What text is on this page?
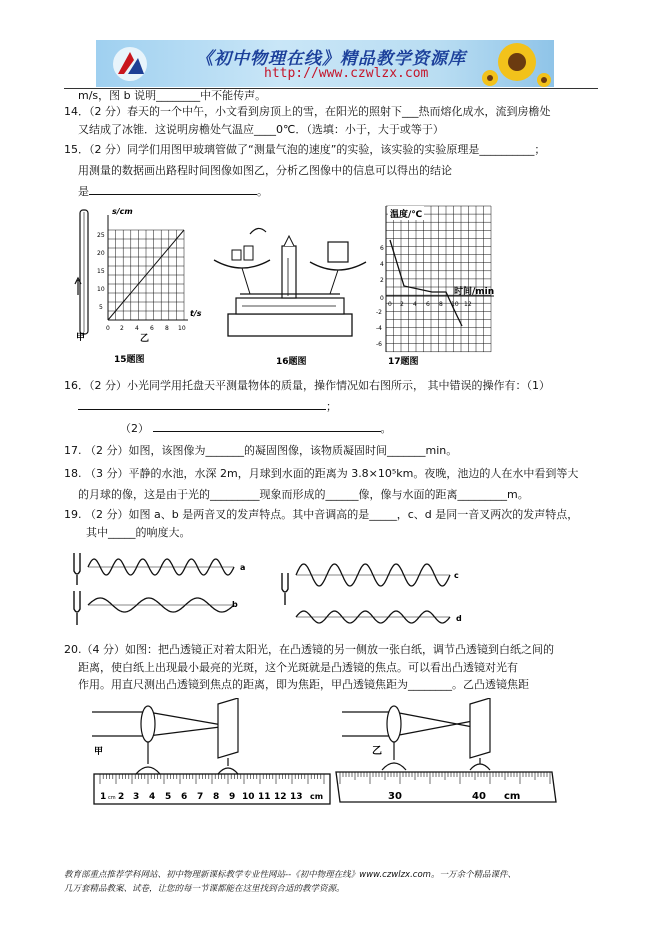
《初中物理在线》精品教学资源库
http://www.czwlzx.com
m/s，图 b 说明________中不能传声。
14．（2 分）春天的一个中午，小文看到房顶上的雪，在阳光的照射下___热而熔化成水，流到房檐处
又结成了冰锥．这说明房檐处气温应____0℃．（选填：小于，大于或等于）
15．（2 分）同学们用图甲玻璃管做了“测量气泡的速度”的实验，该实验的实验原理是__________；
用测量的数据画出路程时间图像如图乙，分析乙图像中的信息可以得出的结论
是	。
甲
s/cm
t/s
25
20
15
10
5
0 2 4 6 8 10
乙
15题图	16题图
温度/℃
时间/min
6
4
2
0
-2
-4
-6
0 2 4 6 8 10 12
17题图
16．（2 分）小光同学用托盘天平测量物体的质量，操作情况如右图所示， 其中错误的操作有：（1）
；
（2）	。
17. （2 分）如图，该图像为_______的凝固图像，该物质凝固时间_______min。
18. （3 分）平静的水池，水深 2m，月球到水面的距离为 3.8×10⁵km。夜晚，池边的人在水中看到等大
的月球的像，这是由于光的_________现象而形成的______像，像与水面的距离_________m。
19. （2 分）如图 a、b 是两音叉的发声特点。其中音调高的是_____，c、d 是同一音叉两次的发声特点，
其中_____的响度大。
a
b
c
d
20.（4 分）如图：把凸透镜正对着太阳光，在凸透镜的另一侧放一张白纸，调节凸透镜到白纸之间的
距离，使白纸上出现最小最亮的光斑，这个光斑就是凸透镜的焦点。可以看出凸透镜对光有
作用。用直尺测出凸透镜到焦点的距离，即为焦距，甲凸透镜焦距为________。乙凸透镜焦距
甲
1 cm 2 3 4 5 6 7 8 9 10 11 12 13 cm
乙
30	40 cm
教育部重点推荐学科网站、初中物理新课标教学专业性网站--《初中物理在线》www.czwlzx.com。一万余个精品课件、
几万套精品教案、试卷，让您的每一节课都能在这里找到合适的教学资源。
